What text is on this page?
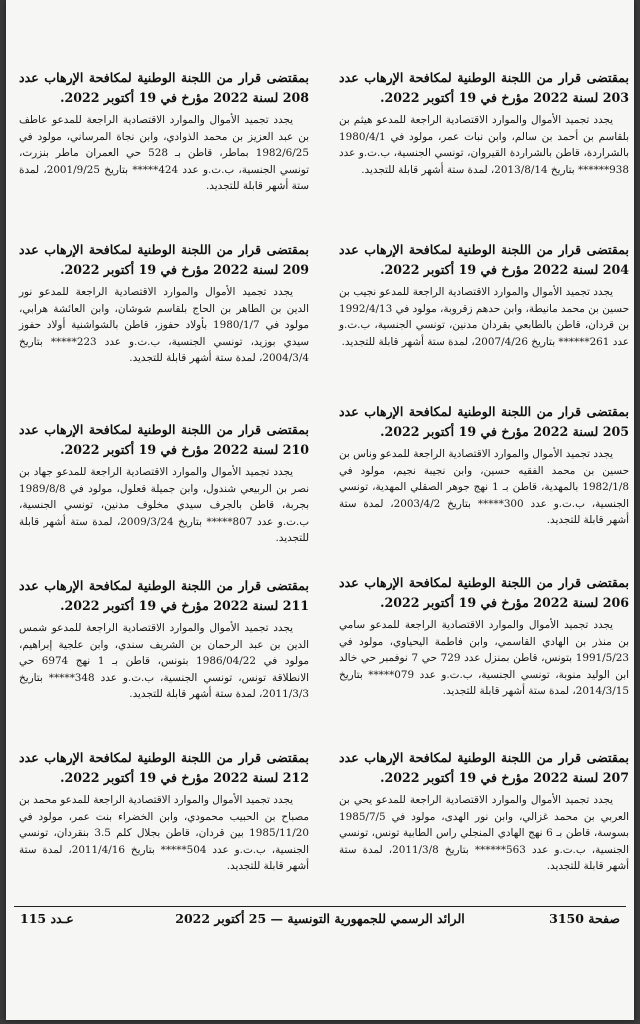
بمقتضى قرار من اللجنة الوطنية لمكافحة الإرهاب عدد 203 لسنة 2022 مؤرخ في 19 أكتوبر 2022.
يجدد تجميد الأموال والموارد الاقتصادية الراجعة للمدعو هيثم بن بلقاسم بن أحمد بن سالم، وابن نبات عمر، مولود في 1980/4/1 بالشراردة، قاطن بالشراردة القيروان، تونسي الجنسية، ب.ت.و عدد 938****** بتاريخ 2013/8/14، لمدة ستة أشهر قابلة للتجديد.
بمقتضى قرار من اللجنة الوطنية لمكافحة الإرهاب عدد 204 لسنة 2022 مؤرخ في 19 أكتوبر 2022.
يجدد تجميد الأموال والموارد الاقتصادية الراجعة للمدعو نجيب بن حسين بن محمد مانيطة، وابن حدهم زقروبة، مولود في 1992/4/13 بن قردان، قاطن بالطابعي بقردان مدنين، تونسي الجنسية، ب.ت.و عدد 261****** بتاريخ 2007/4/26، لمدة ستة أشهر قابلة للتجديد.
بمقتضى قرار من اللجنة الوطنية لمكافحة الإرهاب عدد 205 لسنة 2022 مؤرخ في 19 أكتوبر 2022.
يجدد تجميد الأموال والموارد الاقتصادية الراجعة للمدعو وناس بن حسين بن محمد الفقيه حسين، وابن نجيبة نجيم، مولود في 1982/1/8 بالمهدية، قاطن بـ 1 نهج جوهر الصقلي المهدية، تونسي الجنسية، ب.ت.و عدد 300***** بتاريخ 2003/4/2، لمدة ستة أشهر قابلة للتجديد.
بمقتضى قرار من اللجنة الوطنية لمكافحة الإرهاب عدد 206 لسنة 2022 مؤرخ في 19 أكتوبر 2022.
يجدد تجميد الأموال والموارد الاقتصادية الراجعة للمدعو سامي بن منذر بن الهادي القاسمي، وابن فاطمة اليحياوي، مولود في 1991/5/23 بتونس، قاطن بمنزل عدد 729 حي 7 نوفمبر حي خالد ابن الوليد منوبة، تونسي الجنسية، ب.ت.و عدد 079***** بتاريخ 2014/3/15، لمدة ستة أشهر قابلة للتجديد.
بمقتضى قرار من اللجنة الوطنية لمكافحة الإرهاب عدد 207 لسنة 2022 مؤرخ في 19 أكتوبر 2022.
يجدد تجميد الأموال والموارد الاقتصادية الراجعة للمدعو يحي بن العربي بن محمد غزالي، وابن نور الهدى، مولود في 1985/7/5 بسوسة، قاطن بـ 6 نهج الهادي المنجلي راس الطابية تونس، تونسي الجنسية، ب.ت.و عدد 563****** بتاريخ 2011/3/8، لمدة ستة أشهر قابلة للتجديد.
بمقتضى قرار من اللجنة الوطنية لمكافحة الإرهاب عدد 208 لسنة 2022 مؤرخ في 19 أكتوبر 2022.
يجدد تجميد الأموال والموارد الاقتصادية الراجعة للمدعو عاطف بن عبد العزيز بن محمد الذوادي، وابن نجاة المرساني، مولود في 1982/6/25 بماطر، قاطن بـ 528 حي العمران ماطر بنزرت، تونسي الجنسية، ب.ت.و عدد 424***** بتاريخ 2001/9/25، لمدة ستة أشهر قابلة للتجديد.
بمقتضى قرار من اللجنة الوطنية لمكافحة الإرهاب عدد 209 لسنة 2022 مؤرخ في 19 أكتوبر 2022.
يجدد تجميد الأموال والموارد الاقتصادية الراجعة للمدعو نور الدين بن الطاهر بن الحاج بلقاسم شوشان، وابن العائشة هرابي، مولود في 1980/1/7 بأولاد حفوز، قاطن بالشواشنية أولاد حفوز سيدي بوزيد، تونسي الجنسية، ب.ت.و عدد 223***** بتاريخ 2004/3/4، لمدة ستة أشهر قابلة للتجديد.
بمقتضى قرار من اللجنة الوطنية لمكافحة الإرهاب عدد 210 لسنة 2022 مؤرخ في 19 أكتوبر 2022.
يجدد تجميد الأموال والموارد الاقتصادية الراجعة للمدعو جهاد بن نصر بن الربيعي شندول، وابن جميلة قعلول، مولود في 1989/8/8 بجربة، قاطن بالجرف سيدي مخلوف مدنين، تونسي الجنسية، ب.ت.و عدد 807***** بتاريخ 2009/3/24، لمدة ستة أشهر قابلة للتجديد.
بمقتضى قرار من اللجنة الوطنية لمكافحة الإرهاب عدد 211 لسنة 2022 مؤرخ في 19 أكتوبر 2022.
يجدد تجميد الأموال والموارد الاقتصادية الراجعة للمدعو شمس الدين بن عبد الرحمان بن الشريف سندي، وابن علجية إبراهيم، مولود في 1986/04/22 بتونس، قاطن بـ 1 نهج 6974 حي الانطلاقة تونس، تونسي الجنسية، ب.ت.و عدد 348***** بتاريخ 2011/3/3، لمدة ستة أشهر قابلة للتجديد.
بمقتضى قرار من اللجنة الوطنية لمكافحة الإرهاب عدد 212 لسنة 2022 مؤرخ في 19 أكتوبر 2022.
يجدد تجميد الأموال والموارد الاقتصادية الراجعة للمدعو محمد بن مصباح بن الحبيب محمودي، وابن الخضراء بنت عمر، مولود في 1985/11/20 بين قردان، قاطن بجلال كلم 3.5 بنقردان، تونسي الجنسية، ب.ت.و عدد 504***** بتاريخ 2011/4/16، لمدة ستة أشهر قابلة للتجديد.
صفحة 3150
الرائد الرسمي للجمهورية التونسية — 25 أكتوبر 2022
عـدد 115
